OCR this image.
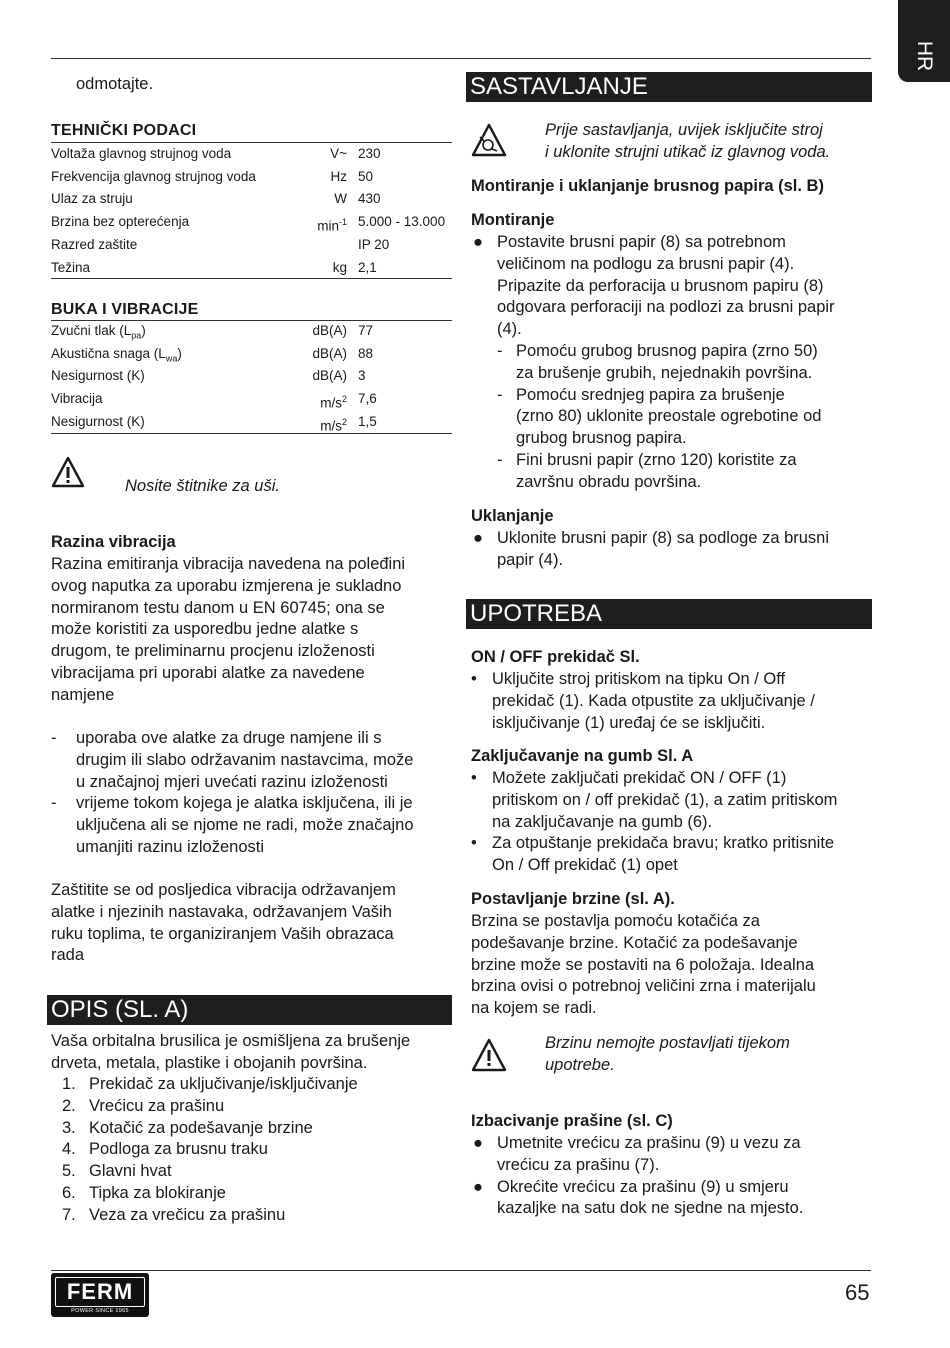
HR
odmotajte.
TEHNIČKI PODACI
Voltaža glavnog strujnog voda	V~ 230
Frekvencija glavnog strujnog voda	Hz 50
Ulaz za struju	W 430
Brzina bez opterećenja	$\min^{-1} 5.000 - 13.000$
Razred zaštite	IP 20
Težina	kg 2,1
BUKA I VIBRACIJE
Zvučni tlak $(L_{pa})$	dB(A) 77
Akustična snaga $(L_{wa})$	dB(A) 88
Nesigurnost (K)	dB(A) 3
Vibracija	$m/s^2$ 7,6
Nesigurnost (K)	$m/s^2$ 1,5
Nosite štitnike za uši.
Razina vibracija
Razina emitiranja vibracija navedena na poleđini
ovog naputka za uporabu izmjerena je sukladno
normiranom testu danom u EN 60745; ona se
može koristiti za usporedbu jedne alatke s
drugom, te preliminarnu procjenu izloženosti
vibracijama pri uporabi alatke za navedene
namjene
- uporaba ove alatke za druge namjene ili s
drugim ili slabo održavanim nastavcima, može
u značajnoj mjeri uvećati razinu izloženosti
- vrijeme tokom kojega je alatka isključena, ili je
uključena ali se njome ne radi, može značajno
umanjiti razinu izloženosti
Zaštitite se od posljedica vibracija održavanjem
alatke i njezinih nastavaka, održavanjem Vaših
ruku toplima, te organiziranjem Vaših obrazaca
rada
OPIS (SL. A)
Vaša orbitalna brusilica je osmišljena za brušenje
drveta, metala, plastike i obojanih površina.
1. Prekidač za uključivanje/isključivanje
2. Vrećicu za prašinu
3. Kotačić za podešavanje brzine
4. Podloga za brusnu traku
5. Glavni hvat
6. Tipka za blokiranje
7. Veza za vrečicu za prašinu
SASTAVLJANJE
Prije sastavljanja, uvijek isključite stroj
i uklonite strujni utikač iz glavnog voda.
Montiranje i uklanjanje brusnog papira (sl. B)
Montiranje
● Postavite brusni papir (8) sa potrebnom
veličinom na podlogu za brusni papir (4).
Pripazite da perforacija u brusnom papiru (8)
odgovara perforaciji na podlozi za brusni papir
(4).
- Pomoću grubog brusnog papira (zrno 50)
za brušenje grubih, nejednakih površina.
- Pomoću srednjeg papira za brušenje
(zrno 80) uklonite preostale ogrebotine od
grubog brusnog papira.
- Fini brusni papir (zrno 120) koristite za
završnu obradu površina.
Uklanjanje
● Uklonite brusni papir (8) sa podloge za brusni
papir (4).
UPOTREBA
ON / OFF prekidač Sl.
• Uključite stroj pritiskom na tipku On / Off
prekidač (1). Kada otpustite za uključivanje /
isključivanje (1) uređaj će se isključiti.
Zaključavanje na gumb Sl. A
• Možete zaključati prekidač ON / OFF (1)
pritiskom on / off prekidač (1), a zatim pritiskom
na zaključavanje na gumb (6).
• Za otpuštanje prekidača bravu; kratko pritisnite
On / Off prekidač (1) opet
Postavljanje brzine (sl. A).
Brzina se postavlja pomoću kotačića za
podešavanje brzine. Kotačić za podešavanje
brzine može se postaviti na 6 položaja. Idealna
brzina ovisi o potrebnoj veličini zrna i materijalu
na kojem se radi.
Brzinu nemojte postavljati tijekom
upotrebe.
Izbacivanje prašine (sl. C)
● Umetnite vrećicu za prašinu (9) u vezu za
vrećicu za prašinu (7).
● Okrećite vrećicu za prašinu (9) u smjeru
kazaljke na satu dok ne sjedne na mjesto.
FERM
POWER SINCE 1965
65
